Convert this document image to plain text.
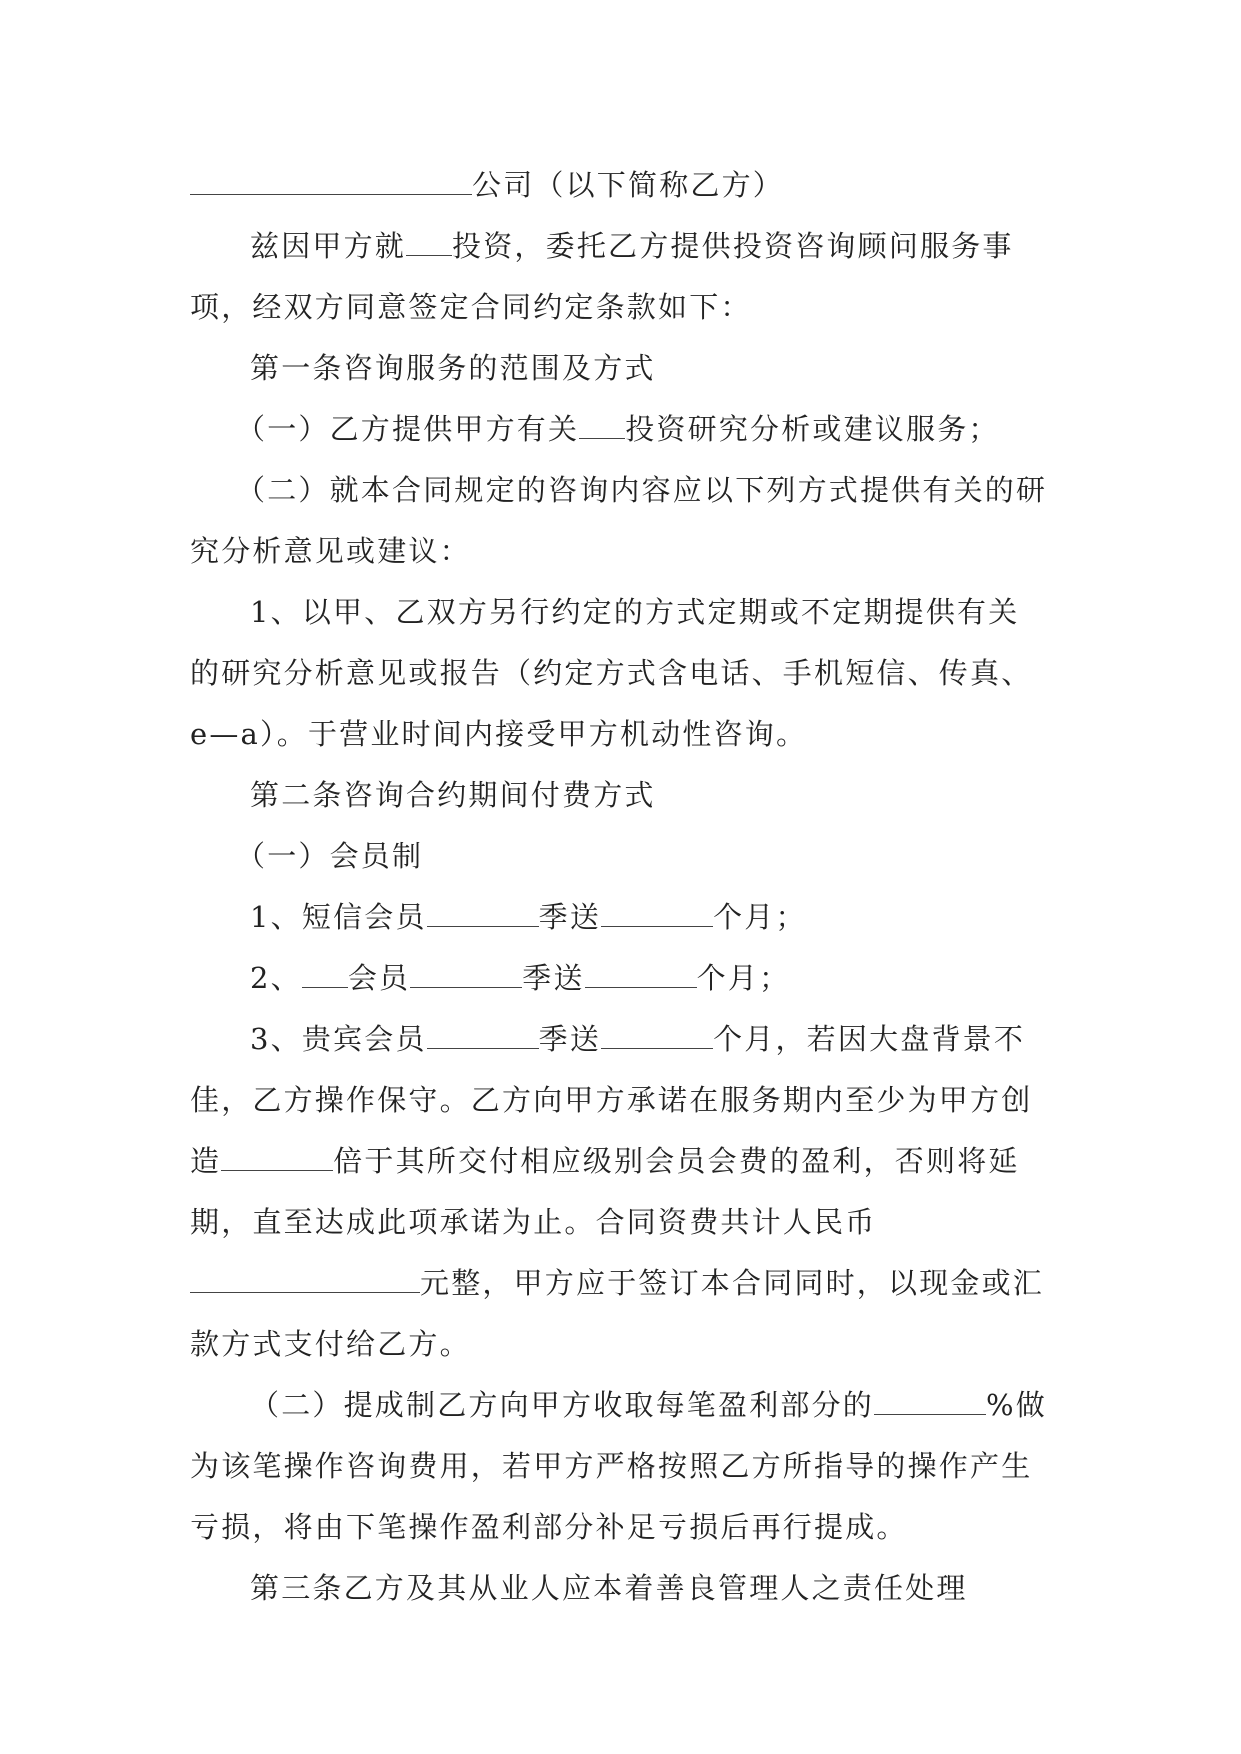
公司（以下简称乙方）

兹因甲方就 投资，委托乙方提供投资咨询顾问服务事项，经双方同意签定合同约定条款如下：

第一条咨询服务的范围及方式

（一）乙方提供甲方有关 投资研究分析或建议服务；

（二）就本合同规定的咨询内容应以下列方式提供有关的研究分析意见或建议：

1、以甲、乙双方另行约定的方式定期或不定期提供有关的研究分析意见或报告（约定方式含电话、手机短信、传真、e—a）。于营业时间内接受甲方机动性咨询。

第二条咨询合约期间付费方式

（一）会员制

1、短信会员	季送	个月；

2、 会员	季送	个月；

3、贵宾会员	季送	个月，若因大盘背景不佳，乙方操作保守。乙方向甲方承诺在服务期内至少为甲方创造	倍于其所交付相应级别会员会费的盈利，否则将延期，直至达成此项承诺为止。合同资费共计人民币元整，甲方应于签订本合同同时，以现金或汇款方式支付给乙方。

（二）提成制乙方向甲方收取每笔盈利部分的	%做为该笔操作咨询费用，若甲方严格按照乙方所指导的操作产生亏损，将由下笔操作盈利部分补足亏损后再行提成。

第三条乙方及其从业人应本着善良管理人之责任处理
